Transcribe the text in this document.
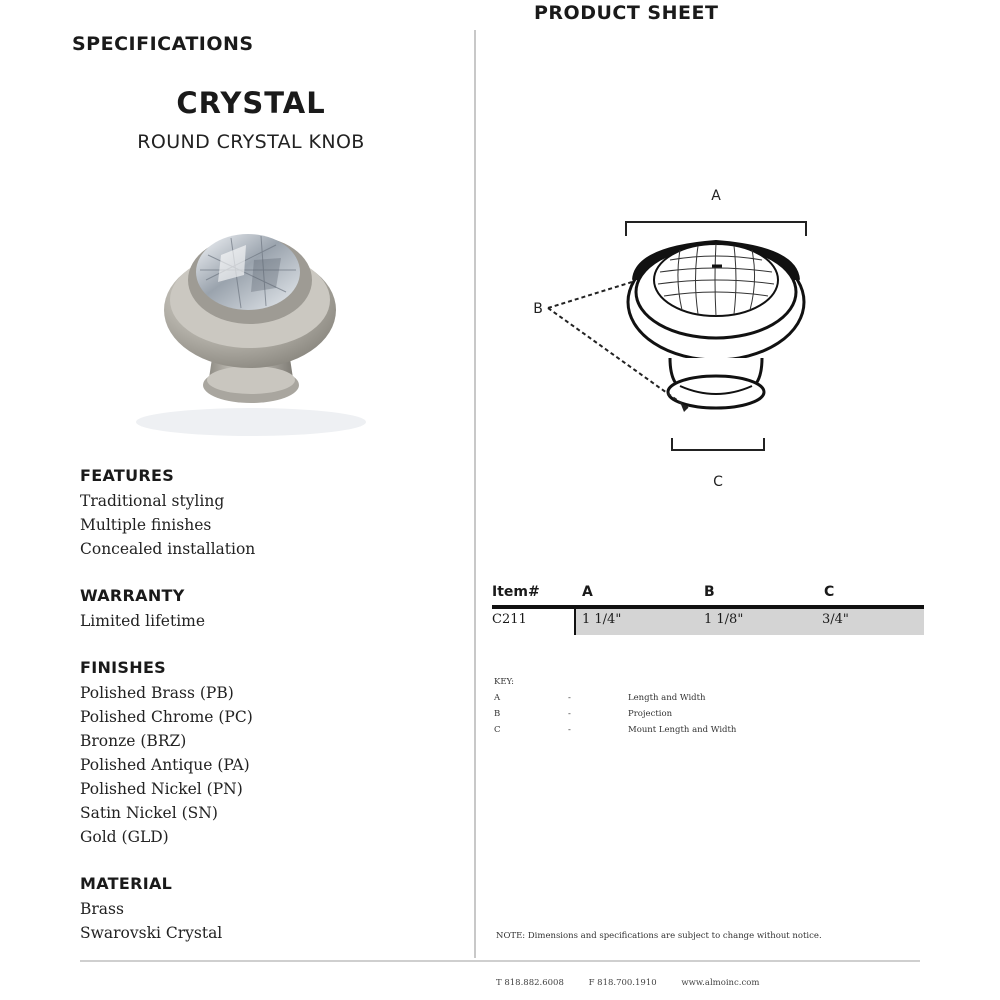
SPECIFICATIONS
CRYSTAL
ROUND CRYSTAL KNOB
FEATURES
Traditional styling
Multiple finishes
Concealed installation
WARRANTY
Limited lifetime
FINISHES
Polished Brass (PB)
Polished Chrome (PC)
Bronze (BRZ)
Polished Antique (PA)
Polished Nickel (PN)
Satin Nickel (SN)
Gold (GLD)
MATERIAL
Brass
Swarovski Crystal
PRODUCT SHEET
A
B
C
Item#	A	B	C
C211	1 1/4"	1 1/8"	3/4"
KEY:
A	-	Length and Width
B	-	Projection
C	-	Mount Length and Width
NOTE: Dimensions and specifications are subject to change without notice.
T 818.882.6008	F 818.700.1910	www.almoinc.com
